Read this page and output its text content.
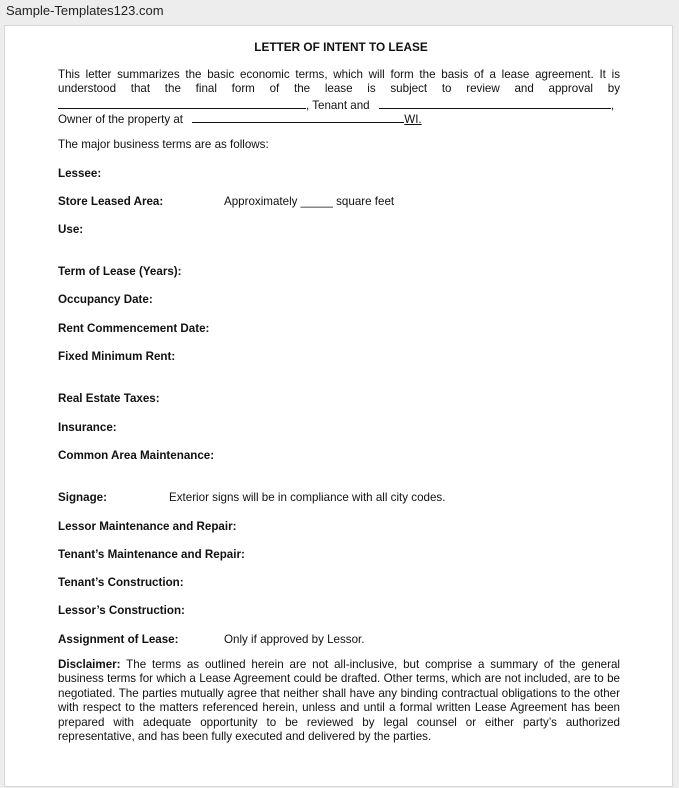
Sample-Templates123.com
LETTER OF INTENT TO LEASE
This letter summarizes the basic economic terms, which will form the basis of a lease agreement. It is
understood that the final form of the lease is subject to review and approval by
, Tenant and	,
Owner of the property at	WI.
The major business terms are as follows:
Lessee:
Store Leased Area:	Approximately _____ square feet
Use:
Term of Lease (Years):
Occupancy Date:
Rent Commencement Date:
Fixed Minimum Rent:
Real Estate Taxes:
Insurance:
Common Area Maintenance:
Signage:	Exterior signs will be in compliance with all city codes.
Lessor Maintenance and Repair:
Tenant’s Maintenance and Repair:
Tenant’s Construction:
Lessor’s Construction:
Assignment of Lease:	Only if approved by Lessor.
Disclaimer: The terms as outlined herein are not all-inclusive, but comprise a summary of the general business terms for which a Lease Agreement could be drafted. Other terms, which are not included, are to be negotiated. The parties mutually agree that neither shall have any binding contractual obligations to the other with respect to the matters referenced herein, unless and until a formal written Lease Agreement has been prepared with adequate opportunity to be reviewed by legal counsel or either party’s authorized representative, and has been fully executed and delivered by the parties.
